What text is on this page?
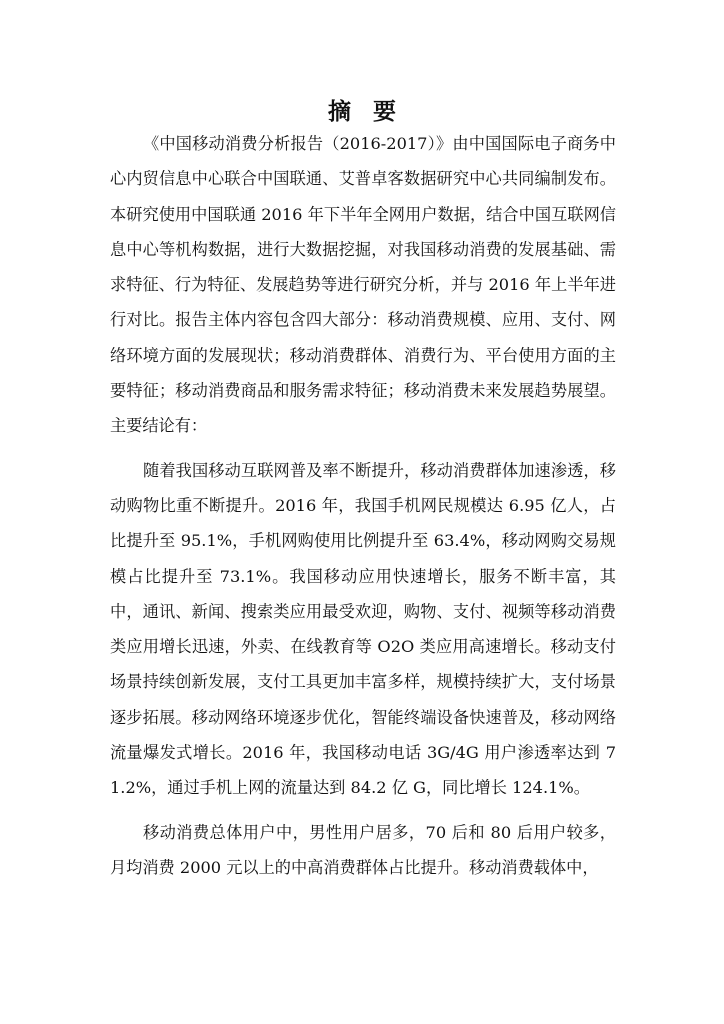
摘要

《中国移动消费分析报告（2016-2017）》由中国国际电子商务中心内贸信息中心联合中国联通、艾普卓客数据研究中心共同编制发布。本研究使用中国联通 2016 年下半年全网用户数据，结合中国互联网信息中心等机构数据，进行大数据挖掘，对我国移动消费的发展基础、需求特征、行为特征、发展趋势等进行研究分析，并与 2016 年上半年进行对比。报告主体内容包含四大部分：移动消费规模、应用、支付、网络环境方面的发展现状；移动消费群体、消费行为、平台使用方面的主要特征；移动消费商品和服务需求特征；移动消费未来发展趋势展望。主要结论有：

随着我国移动互联网普及率不断提升，移动消费群体加速渗透，移动购物比重不断提升。2016 年，我国手机网民规模达 6.95 亿人，占比提升至 95.1%，手机网购使用比例提升至 63.4%，移动网购交易规模占比提升至 73.1%。我国移动应用快速增长，服务不断丰富，其中，通讯、新闻、搜索类应用最受欢迎，购物、支付、视频等移动消费类应用增长迅速，外卖、在线教育等 O2O 类应用高速增长。移动支付场景持续创新发展，支付工具更加丰富多样，规模持续扩大，支付场景逐步拓展。移动网络环境逐步优化，智能终端设备快速普及，移动网络流量爆发式增长。2016 年，我国移动电话 3G/4G 用户渗透率达到 71.2%，通过手机上网的流量达到 84.2 亿 G，同比增长 124.1%。

移动消费总体用户中，男性用户居多，70 后和 80 后用户较多，月均消费 2000 元以上的中高消费群体占比提升。移动消费载体中，
